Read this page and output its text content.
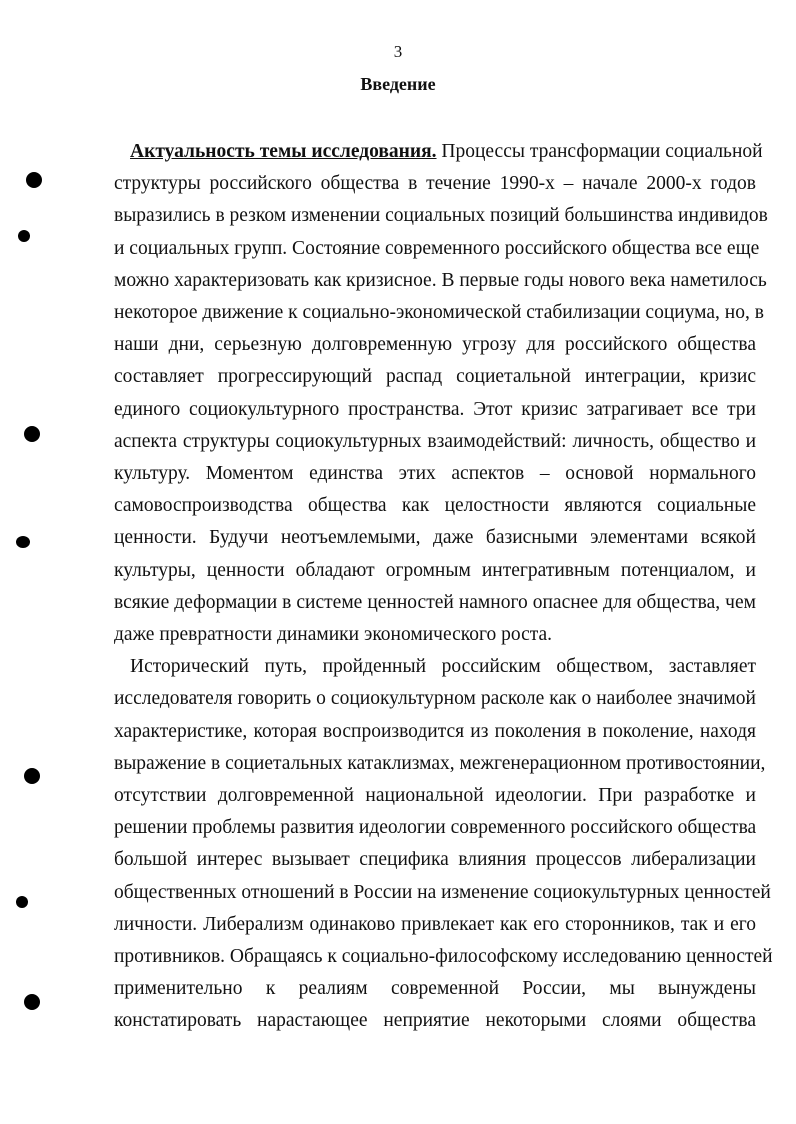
3
Введение
Актуальность темы исследования. Процессы трансформации социальной
структуры российского общества в течение 1990-х – начале 2000-х годов
выразились в резком изменении социальных позиций большинства индивидов
и социальных групп. Состояние современного российского общества все еще
можно характеризовать как кризисное. В первые годы нового века наметилось
некоторое движение к социально-экономической стабилизации социума, но, в
наши дни, серьезную долговременную угрозу для российского общества
составляет прогрессирующий распад социетальной интеграции, кризис
единого социокультурного пространства. Этот кризис затрагивает все три
аспекта структуры социокультурных взаимодействий: личность, общество и
культуру. Моментом единства этих аспектов – основой нормального
самовоспроизводства общества как целостности являются социальные
ценности. Будучи неотъемлемыми, даже базисными элементами всякой
культуры, ценности обладают огромным интегративным потенциалом, и
всякие деформации в системе ценностей намного опаснее для общества, чем
даже превратности динамики экономического роста.
Исторический путь, пройденный российским обществом, заставляет
исследователя говорить о социокультурном расколе как о наиболее значимой
характеристике, которая воспроизводится из поколения в поколение, находя
выражение в социетальных катаклизмах, межгенерационном противостоянии,
отсутствии долговременной национальной идеологии. При разработке и
решении проблемы развития идеологии современного российского общества
большой интерес вызывает специфика влияния процессов либерализации
общественных отношений в России на изменение социокультурных ценностей
личности. Либерализм одинаково привлекает как его сторонников, так и его
противников. Обращаясь к социально-философскому исследованию ценностей
применительно к реалиям современной России, мы вынуждены
констатировать нарастающее неприятие некоторыми слоями общества
